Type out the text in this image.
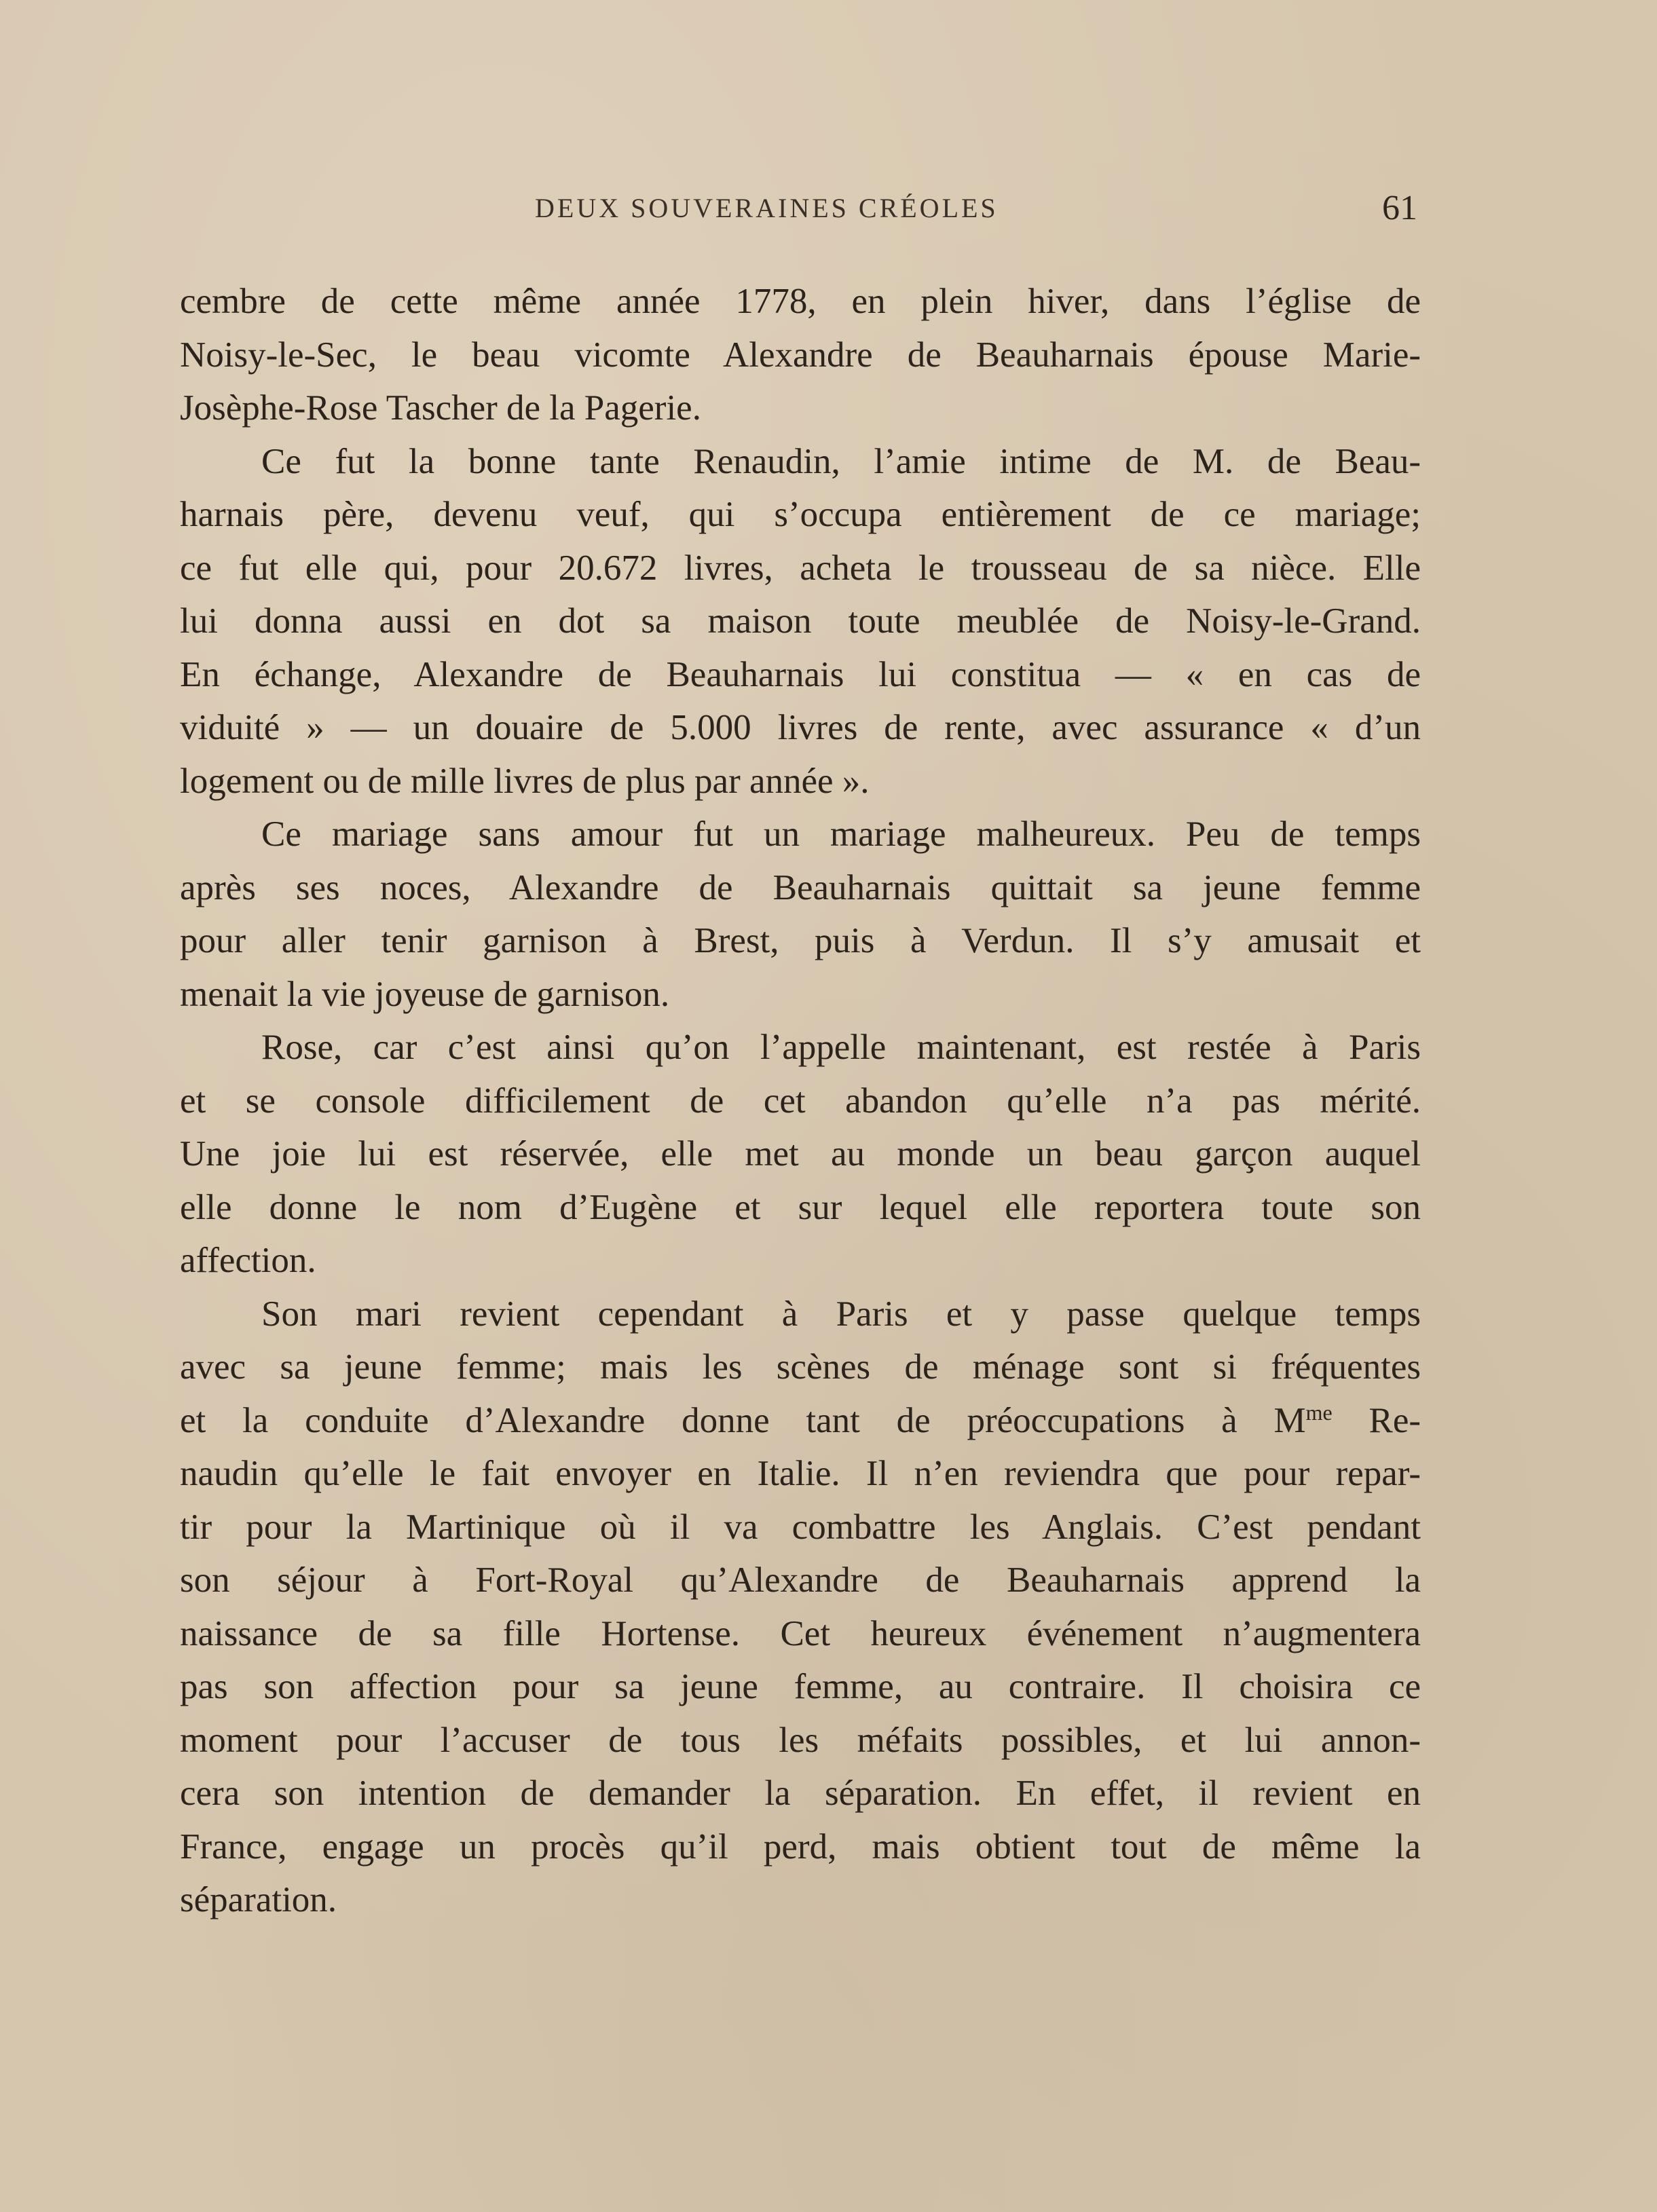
DEUX SOUVERAINES CRÉOLES	61
cembre de cette même année 1778, en plein hiver, dans l’église de
Noisy-le-Sec, le beau vicomte Alexandre de Beauharnais épouse Marie-
Josèphe-Rose Tascher de la Pagerie.
Ce fut la bonne tante Renaudin, l’amie intime de M. de Beau-
harnais père, devenu veuf, qui s’occupa entièrement de ce mariage;
ce fut elle qui, pour 20.672 livres, acheta le trousseau de sa nièce. Elle
lui donna aussi en dot sa maison toute meublée de Noisy-le-Grand.
En échange, Alexandre de Beauharnais lui constitua — « en cas de
viduité » — un douaire de 5.000 livres de rente, avec assurance « d’un
logement ou de mille livres de plus par année ».
Ce mariage sans amour fut un mariage malheureux. Peu de temps
après ses noces, Alexandre de Beauharnais quittait sa jeune femme
pour aller tenir garnison à Brest, puis à Verdun. Il s’y amusait et
menait la vie joyeuse de garnison.
Rose, car c’est ainsi qu’on l’appelle maintenant, est restée à Paris
et se console difficilement de cet abandon qu’elle n’a pas mérité.
Une joie lui est réservée, elle met au monde un beau garçon auquel
elle donne le nom d’Eugène et sur lequel elle reportera toute son
affection.
Son mari revient cependant à Paris et y passe quelque temps
avec sa jeune femme; mais les scènes de ménage sont si fréquentes
et la conduite d’Alexandre donne tant de préoccupations à $M^{me}$ Re-
naudin qu’elle le fait envoyer en Italie. Il n’en reviendra que pour repar-
tir pour la Martinique où il va combattre les Anglais. C’est pendant
son séjour à Fort-Royal qu’Alexandre de Beauharnais apprend la
naissance de sa fille Hortense. Cet heureux événement n’augmentera
pas son affection pour sa jeune femme, au contraire. Il choisira ce
moment pour l’accuser de tous les méfaits possibles, et lui annon-
cera son intention de demander la séparation. En effet, il revient en
France, engage un procès qu’il perd, mais obtient tout de même la
séparation.
